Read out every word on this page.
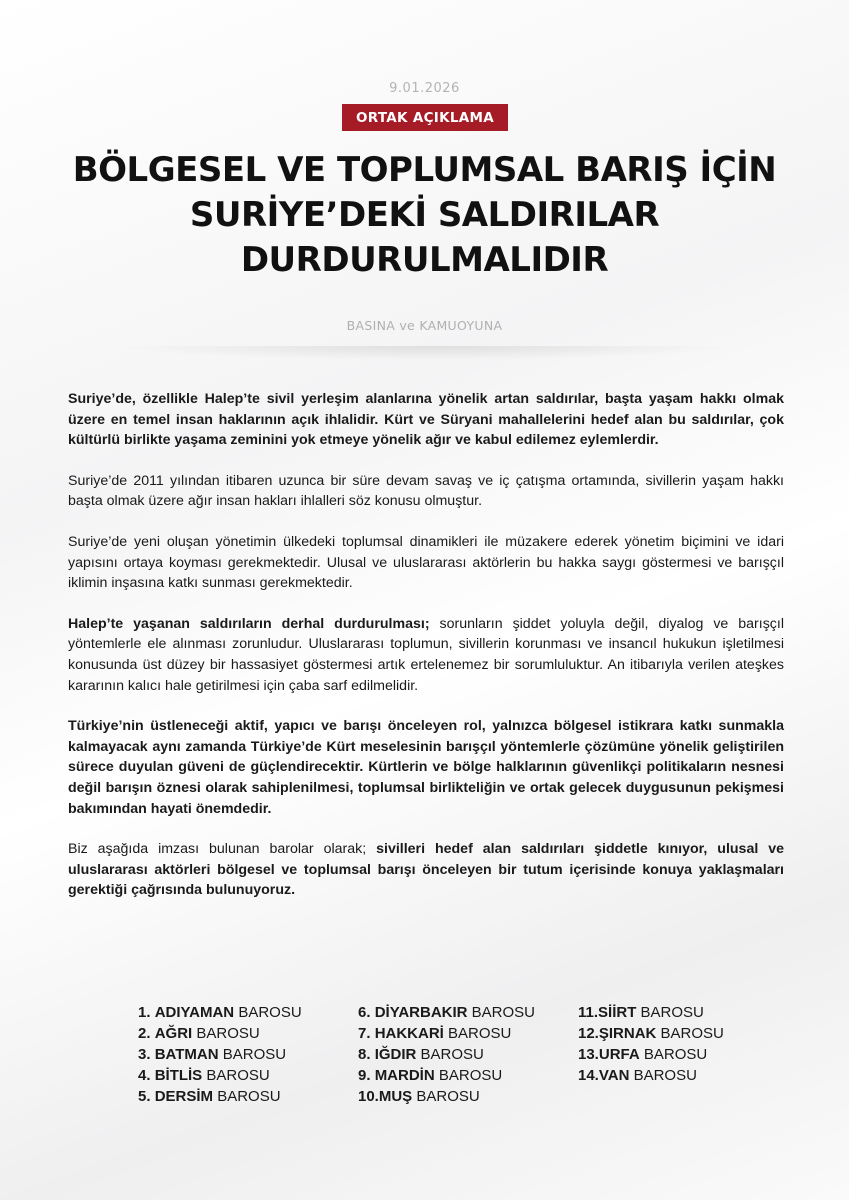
9.01.2026
ORTAK AÇIKLAMA
BÖLGESEL VE TOPLUMSAL BARIŞ İÇİN
SURİYE’DEKİ SALDIRILAR
DURDURULMALIDIR
BASINA ve KAMUOYUNA

Suriye’de, özellikle Halep’te sivil yerleşim alanlarına yönelik artan saldırılar, başta yaşam hakkı olmak üzere en temel insan haklarının açık ihlalidir. Kürt ve Süryani mahallelerini hedef alan bu saldırılar, çok kültürlü birlikte yaşama zeminini yok etmeye yönelik ağır ve kabul edilemez eylemlerdir.

Suriye’de 2011 yılından itibaren uzunca bir süre devam savaş ve iç çatışma ortamında, sivillerin yaşam hakkı başta olmak üzere ağır insan hakları ihlalleri söz konusu olmuştur.

Suriye’de yeni oluşan yönetimin ülkedeki toplumsal dinamikleri ile müzakere ederek yönetim biçimini ve idari yapısını ortaya koyması gerekmektedir. Ulusal ve uluslararası aktörlerin bu hakka saygı göstermesi ve barışçıl iklimin inşasına katkı sunması gerekmektedir.

Halep’te yaşanan saldırıların derhal durdurulması; sorunların şiddet yoluyla değil, diyalog ve barışçıl yöntemlerle ele alınması zorunludur. Uluslararası toplumun, sivillerin korunması ve insancıl hukukun işletilmesi konusunda üst düzey bir hassasiyet göstermesi artık ertelenemez bir sorumluluktur. An itibarıyla verilen ateşkes kararının kalıcı hale getirilmesi için çaba sarf edilmelidir.

Türkiye’nin üstleneceği aktif, yapıcı ve barışı önceleyen rol, yalnızca bölgesel istikrara katkı sunmakla kalmayacak aynı zamanda Türkiye’de Kürt meselesinin barışçıl yöntemlerle çözümüne yönelik geliştirilen sürece duyulan güveni de güçlendirecektir. Kürtlerin ve bölge halklarının güvenlikçi politikaların nesnesi değil barışın öznesi olarak sahiplenilmesi, toplumsal birlikteliğin ve ortak gelecek duygusunun pekişmesi bakımından hayati önemdedir.

Biz aşağıda imzası bulunan barolar olarak; sivilleri hedef alan saldırıları şiddetle kınıyor, ulusal ve uluslararası aktörleri bölgesel ve toplumsal barışı önceleyen bir tutum içerisinde konuya yaklaşmaları gerektiği çağrısında bulunuyoruz.

1. ADIYAMAN BAROSU
2. AĞRI BAROSU
3. BATMAN BAROSU
4. BİTLİS BAROSU
5. DERSİM BAROSU
6. DİYARBAKIR BAROSU
7. HAKKARİ BAROSU
8. IĞDIR BAROSU
9. MARDİN BAROSU
10.MUŞ BAROSU
11.SİİRT BAROSU
12.ŞIRNAK BAROSU
13.URFA BAROSU
14.VAN BAROSU
